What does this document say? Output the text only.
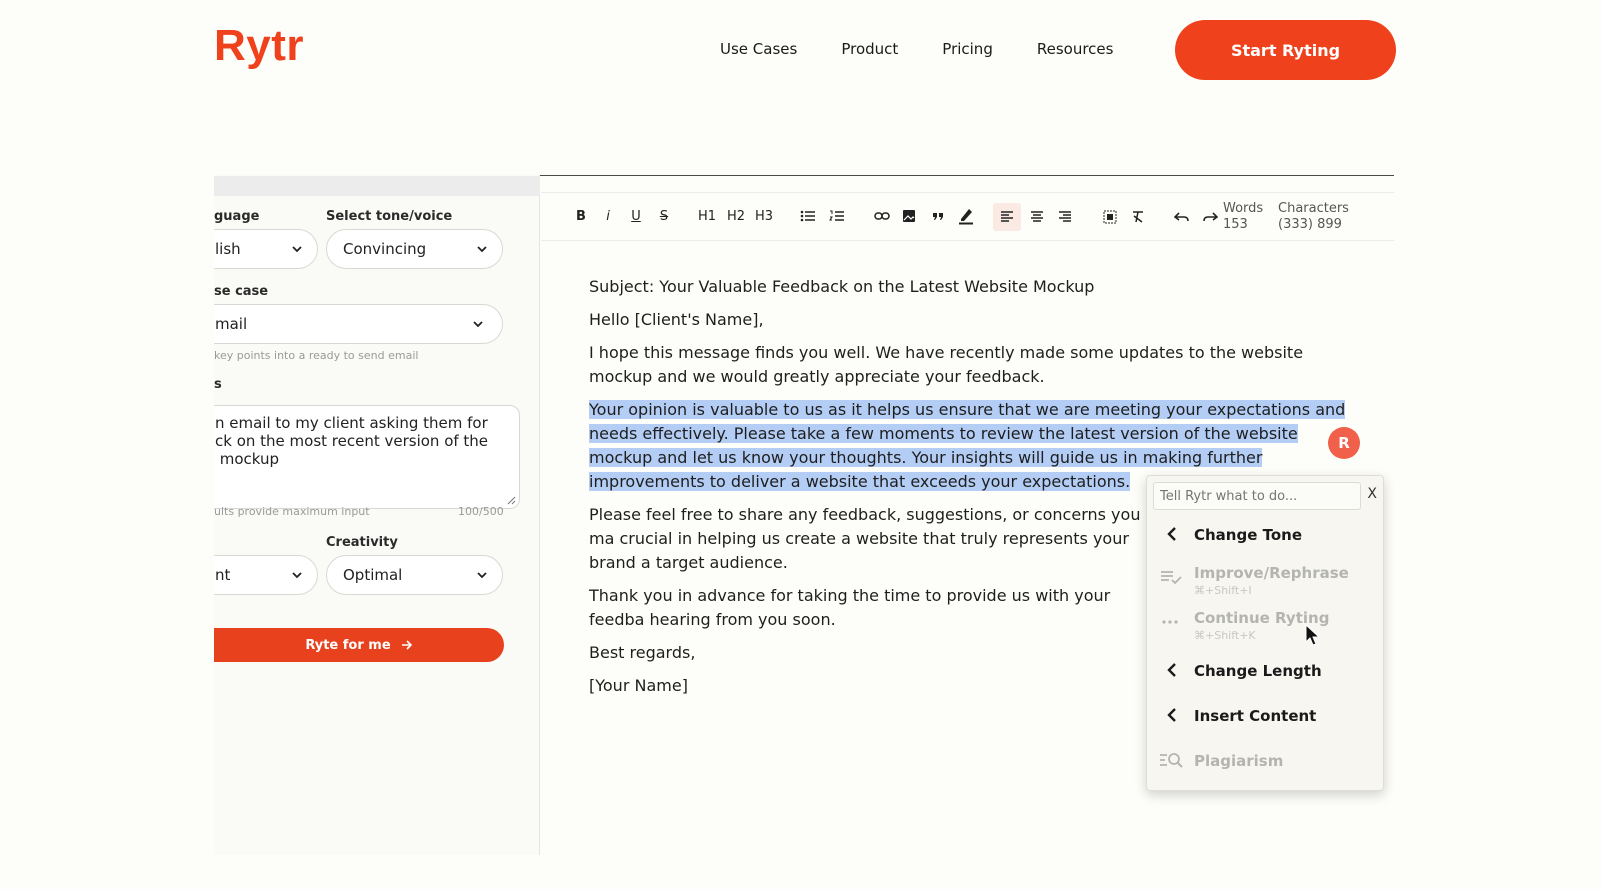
Rytr	Use Cases	Product	Pricing	Resources	Start Ryting
guage	Select tone/voice
lish	Convincing
se case
mail
key points into a ready to send email
s
n email to my client asking them for
ck on the most recent version of the
mockup
ults provide maximum input	100/500
Creativity
nt	Optimal
Ryte for me
B	i	U S H1 H2 H3
Words
153
Characters
(333) 899

Subject: Your Valuable Feedback on the Latest Website Mockup

Hello [Client's Name],

I hope this message finds you well. We have recently made some updates to the website mockup and we would greatly appreciate your feedback.

Your opinion is valuable to us as it helps us ensure that we are meeting your expectations and needs effectively. Please take a few moments to review the latest version of the website mockup and let us know your thoughts. Your insights will guide us in making further improvements to deliver a website that exceeds your expectations.

Please feel free to share any feedback, suggestions, or concerns you ma crucial in helping us create a website that truly represents your brand a target audience.

Thank you in advance for taking the time to provide us with your feedba hearing from you soon.

Best regards,

[Your Name]

R
Tell Rytr what to do...
X
Change Tone
Improve/Rephrase
⌘+Shift+I
Continue Ryting
⌘+Shift+K
Change Length
Insert Content
Plagiarism
